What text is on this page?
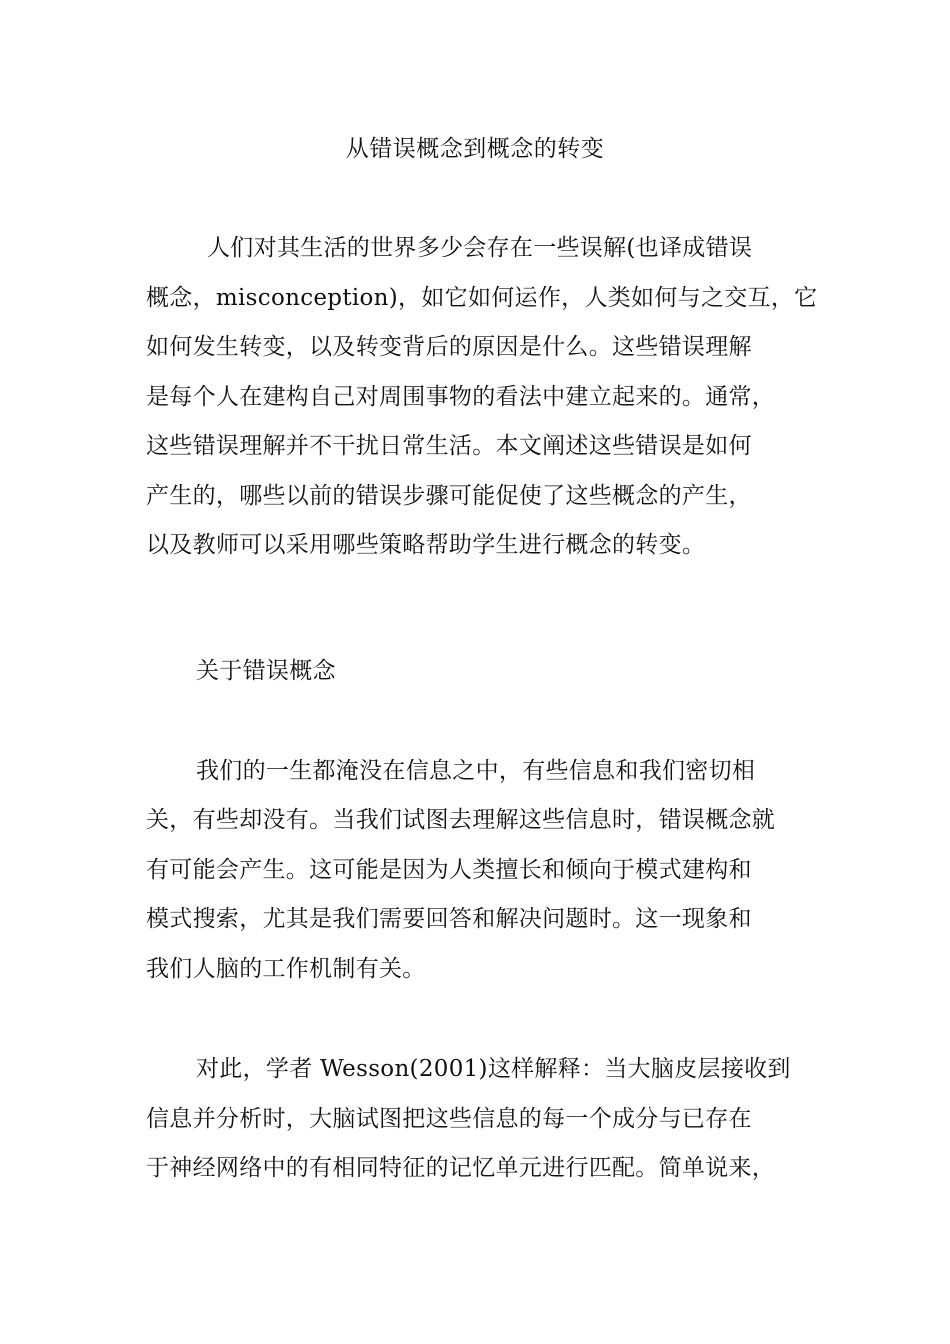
从错误概念到概念的转变
人们对其生活的世界多少会存在一些误解(也译成错误
概念，misconception)，如它如何运作，人类如何与之交互，它
如何发生转变，以及转变背后的原因是什么。这些错误理解
是每个人在建构自己对周围事物的看法中建立起来的。通常，
这些错误理解并不干扰日常生活。本文阐述这些错误是如何
产生的，哪些以前的错误步骤可能促使了这些概念的产生，
以及教师可以采用哪些策略帮助学生进行概念的转变。
关于错误概念
我们的一生都淹没在信息之中，有些信息和我们密切相
关，有些却没有。当我们试图去理解这些信息时，错误概念就
有可能会产生。这可能是因为人类擅长和倾向于模式建构和
模式搜索，尤其是我们需要回答和解决问题时。这一现象和
我们人脑的工作机制有关。
对此，学者 Wesson(2001)这样解释：当大脑皮层接收到
信息并分析时，大脑试图把这些信息的每一个成分与已存在
于神经网络中的有相同特征的记忆单元进行匹配。简单说来，
